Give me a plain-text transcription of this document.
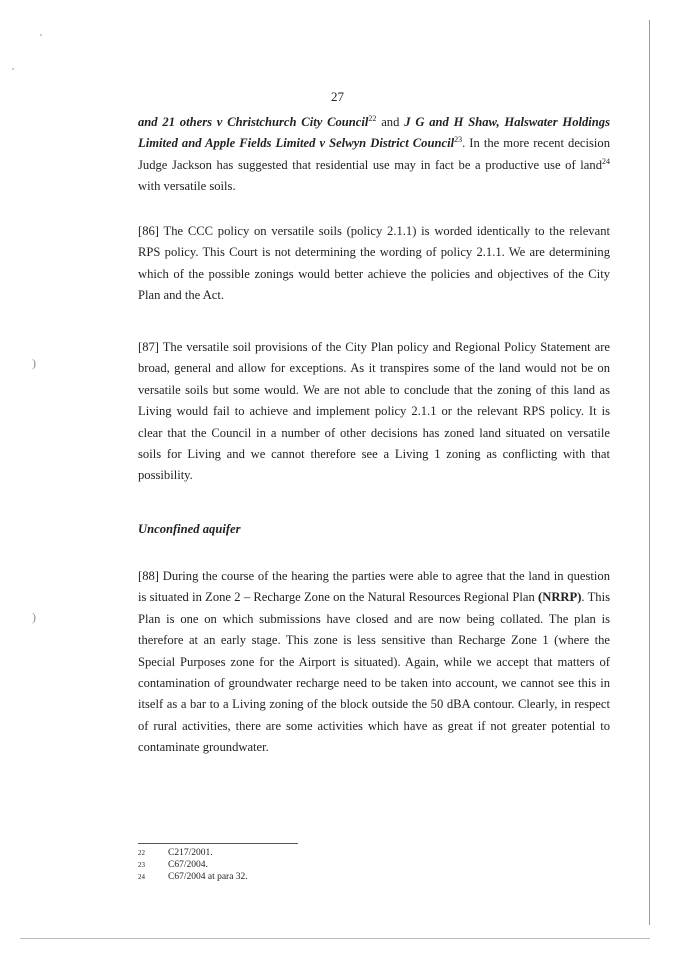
)
)
27

and 21 others v Christchurch City Council$^{22}$ and J G and H Shaw, Halswater Holdings Limited and Apple Fields Limited v Selwyn District Council$^{23}$. In the more recent decision Judge Jackson has suggested that residential use may in fact be a productive use of land$^{24}$ with versatile soils.

[86] The CCC policy on versatile soils (policy 2.1.1) is worded identically to the relevant RPS policy. This Court is not determining the wording of policy 2.1.1. We are determining which of the possible zonings would better achieve the policies and objectives of the City Plan and the Act.

[87] The versatile soil provisions of the City Plan policy and Regional Policy Statement are broad, general and allow for exceptions. As it transpires some of the land would not be on versatile soils but some would. We are not able to conclude that the zoning of this land as Living would fail to achieve and implement policy 2.1.1 or the relevant RPS policy. It is clear that the Council in a number of other decisions has zoned land situated on versatile soils for Living and we cannot therefore see a Living 1 zoning as conflicting with that possibility.

Unconfined aquifer

[88] During the course of the hearing the parties were able to agree that the land in question is situated in Zone 2 – Recharge Zone on the Natural Resources Regional Plan (NRRP). This Plan is one on which submissions have closed and are now being collated. The plan is therefore at an early stage. This zone is less sensitive than Recharge Zone 1 (where the Special Purposes zone for the Airport is situated). Again, while we accept that matters of contamination of groundwater recharge need to be taken into account, we cannot see this in itself as a bar to a Living zoning of the block outside the 50 dBA contour. Clearly, in respect of rural activities, there are some activities which have as great if not greater potential to contaminate groundwater.

22	C217/2001.
23	C67/2004.
24	C67/2004 at para 32.
